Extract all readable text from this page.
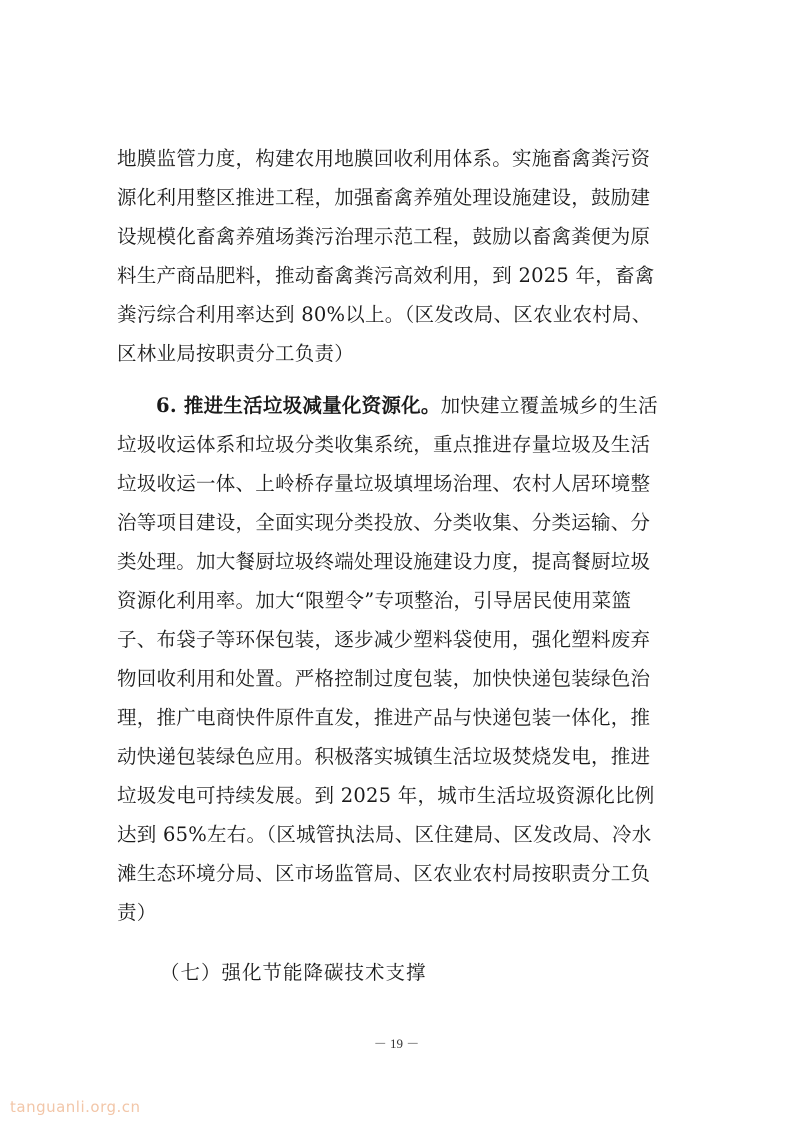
地膜监管力度，构建农用地膜回收利用体系。实施畜禽粪污资
源化利用整区推进工程，加强畜禽养殖处理设施建设，鼓励建
设规模化畜禽养殖场粪污治理示范工程，鼓励以畜禽粪便为原
料生产商品肥料，推动畜禽粪污高效利用，到 2025 年，畜禽
粪污综合利用率达到 80%以上。（区发改局、区农业农村局、
区林业局按职责分工负责）
6. 推进生活垃圾减量化资源化。加快建立覆盖城乡的生活
垃圾收运体系和垃圾分类收集系统，重点推进存量垃圾及生活
垃圾收运一体、上岭桥存量垃圾填埋场治理、农村人居环境整
治等项目建设，全面实现分类投放、分类收集、分类运输、分
类处理。加大餐厨垃圾终端处理设施建设力度，提高餐厨垃圾
资源化利用率。加大“限塑令”专项整治，引导居民使用菜篮
子、布袋子等环保包装，逐步减少塑料袋使用，强化塑料废弃
物回收利用和处置。严格控制过度包装，加快快递包装绿色治
理，推广电商快件原件直发，推进产品与快递包装一体化，推
动快递包装绿色应用。积极落实城镇生活垃圾焚烧发电，推进
垃圾发电可持续发展。到 2025 年，城市生活垃圾资源化比例
达到 65%左右。（区城管执法局、区住建局、区发改局、冷水
滩生态环境分局、区市场监管局、区农业农村局按职责分工负
责）
（七）强化节能降碳技术支撑
－ 19 －
tanguanli.org.cn
